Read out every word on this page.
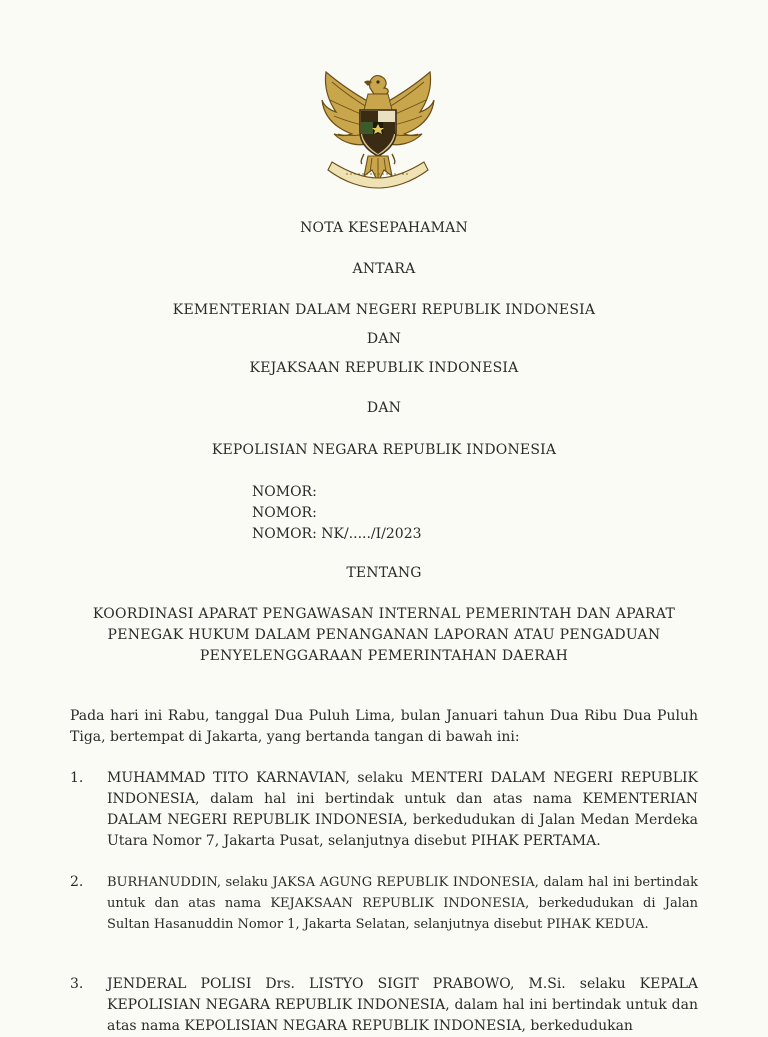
NOTA KESEPAHAMAN
ANTARA
KEMENTERIAN DALAM NEGERI REPUBLIK INDONESIA
DAN
KEJAKSAAN REPUBLIK INDONESIA
DAN
KEPOLISIAN NEGARA REPUBLIK INDONESIA
NOMOR:
NOMOR:
NOMOR: NK/...../I/2023
TENTANG
KOORDINASI APARAT PENGAWASAN INTERNAL PEMERINTAH DAN APARAT
PENEGAK HUKUM DALAM PENANGANAN LAPORAN ATAU PENGADUAN
PENYELENGGARAAN PEMERINTAHAN DAERAH
Pada hari ini Rabu, tanggal Dua Puluh Lima, bulan Januari tahun Dua Ribu Dua Puluh Tiga, bertempat di Jakarta, yang bertanda tangan di bawah ini:
1. MUHAMMAD TITO KARNAVIAN, selaku MENTERI DALAM NEGERI REPUBLIK INDONESIA, dalam hal ini bertindak untuk dan atas nama KEMENTERIAN DALAM NEGERI REPUBLIK INDONESIA, berkedudukan di Jalan Medan Merdeka Utara Nomor 7, Jakarta Pusat, selanjutnya disebut PIHAK PERTAMA.
2. BURHANUDDIN, selaku JAKSA AGUNG REPUBLIK INDONESIA, dalam hal ini bertindak untuk dan atas nama KEJAKSAAN REPUBLIK INDONESIA, berkedudukan di Jalan Sultan Hasanuddin Nomor 1, Jakarta Selatan, selanjutnya disebut PIHAK KEDUA.
3. JENDERAL POLISI Drs. LISTYO SIGIT PRABOWO, M.Si. selaku KEPALA KEPOLISIAN NEGARA REPUBLIK INDONESIA, dalam hal ini bertindak untuk dan atas nama KEPOLISIAN NEGARA REPUBLIK INDONESIA, berkedudukan
